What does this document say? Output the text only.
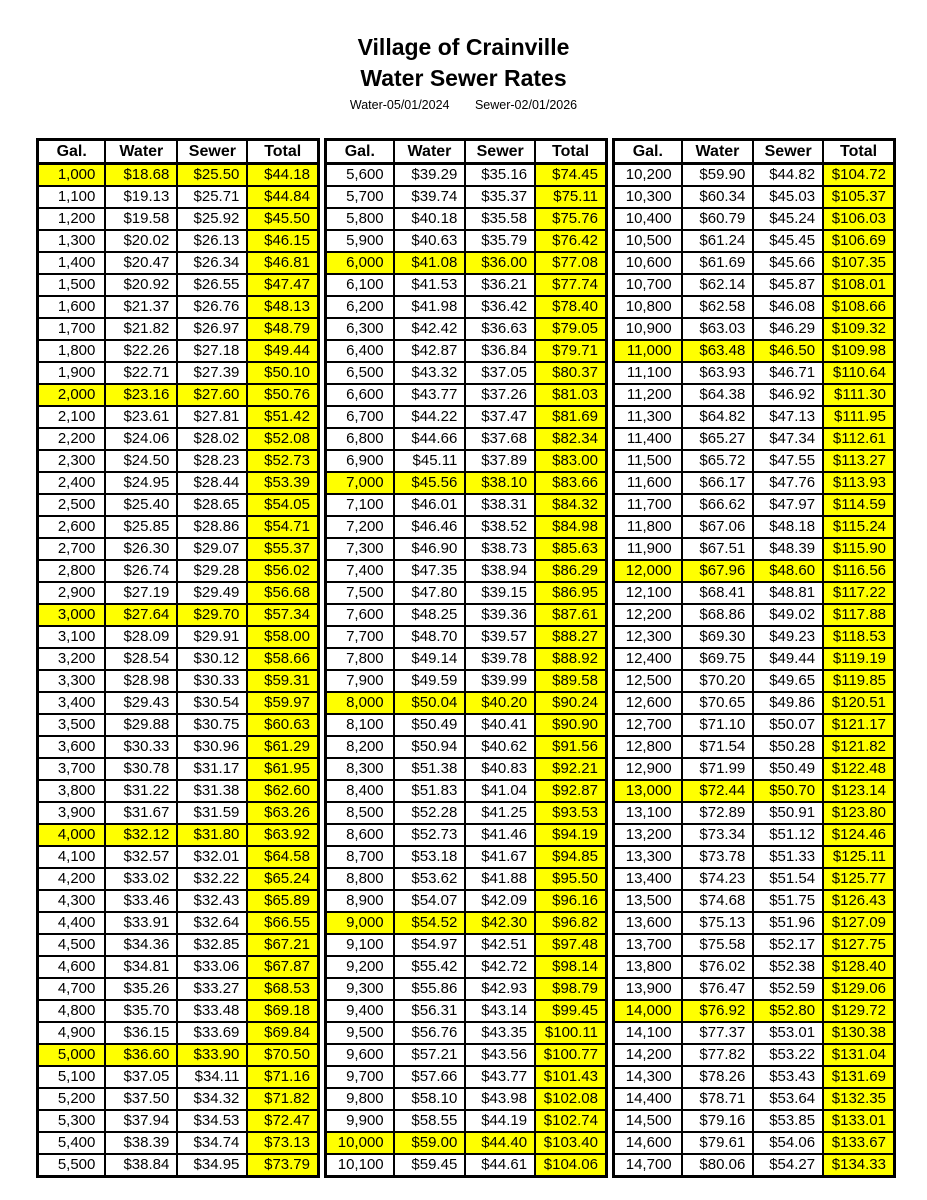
Village of Crainville
Water Sewer Rates
Water-05/01/2024 Sewer-02/01/2026
Gal.	Water	Sewer	Total
1,000	$18.68	$25.50	$44.18
1,100	$19.13	$25.71	$44.84
1,200	$19.58	$25.92	$45.50
1,300	$20.02	$26.13	$46.15
1,400	$20.47	$26.34	$46.81
1,500	$20.92	$26.55	$47.47
1,600	$21.37	$26.76	$48.13
1,700	$21.82	$26.97	$48.79
1,800	$22.26	$27.18	$49.44
1,900	$22.71	$27.39	$50.10
2,000	$23.16	$27.60	$50.76
2,100	$23.61	$27.81	$51.42
2,200	$24.06	$28.02	$52.08
2,300	$24.50	$28.23	$52.73
2,400	$24.95	$28.44	$53.39
2,500	$25.40	$28.65	$54.05
2,600	$25.85	$28.86	$54.71
2,700	$26.30	$29.07	$55.37
2,800	$26.74	$29.28	$56.02
2,900	$27.19	$29.49	$56.68
3,000	$27.64	$29.70	$57.34
3,100	$28.09	$29.91	$58.00
3,200	$28.54	$30.12	$58.66
3,300	$28.98	$30.33	$59.31
3,400	$29.43	$30.54	$59.97
3,500	$29.88	$30.75	$60.63
3,600	$30.33	$30.96	$61.29
3,700	$30.78	$31.17	$61.95
3,800	$31.22	$31.38	$62.60
3,900	$31.67	$31.59	$63.26
4,000	$32.12	$31.80	$63.92
4,100	$32.57	$32.01	$64.58
4,200	$33.02	$32.22	$65.24
4,300	$33.46	$32.43	$65.89
4,400	$33.91	$32.64	$66.55
4,500	$34.36	$32.85	$67.21
4,600	$34.81	$33.06	$67.87
4,700	$35.26	$33.27	$68.53
4,800	$35.70	$33.48	$69.18
4,900	$36.15	$33.69	$69.84
5,000	$36.60	$33.90	$70.50
5,100	$37.05	$34.11	$71.16
5,200	$37.50	$34.32	$71.82
5,300	$37.94	$34.53	$72.47
5,400	$38.39	$34.74	$73.13
5,500	$38.84	$34.95	$73.79
Gal.	Water	Sewer	Total
5,600	$39.29	$35.16	$74.45
5,700	$39.74	$35.37	$75.11
5,800	$40.18	$35.58	$75.76
5,900	$40.63	$35.79	$76.42
6,000	$41.08	$36.00	$77.08
6,100	$41.53	$36.21	$77.74
6,200	$41.98	$36.42	$78.40
6,300	$42.42	$36.63	$79.05
6,400	$42.87	$36.84	$79.71
6,500	$43.32	$37.05	$80.37
6,600	$43.77	$37.26	$81.03
6,700	$44.22	$37.47	$81.69
6,800	$44.66	$37.68	$82.34
6,900	$45.11	$37.89	$83.00
7,000	$45.56	$38.10	$83.66
7,100	$46.01	$38.31	$84.32
7,200	$46.46	$38.52	$84.98
7,300	$46.90	$38.73	$85.63
7,400	$47.35	$38.94	$86.29
7,500	$47.80	$39.15	$86.95
7,600	$48.25	$39.36	$87.61
7,700	$48.70	$39.57	$88.27
7,800	$49.14	$39.78	$88.92
7,900	$49.59	$39.99	$89.58
8,000	$50.04	$40.20	$90.24
8,100	$50.49	$40.41	$90.90
8,200	$50.94	$40.62	$91.56
8,300	$51.38	$40.83	$92.21
8,400	$51.83	$41.04	$92.87
8,500	$52.28	$41.25	$93.53
8,600	$52.73	$41.46	$94.19
8,700	$53.18	$41.67	$94.85
8,800	$53.62	$41.88	$95.50
8,900	$54.07	$42.09	$96.16
9,000	$54.52	$42.30	$96.82
9,100	$54.97	$42.51	$97.48
9,200	$55.42	$42.72	$98.14
9,300	$55.86	$42.93	$98.79
9,400	$56.31	$43.14	$99.45
9,500	$56.76	$43.35	$100.11
9,600	$57.21	$43.56	$100.77
9,700	$57.66	$43.77	$101.43
9,800	$58.10	$43.98	$102.08
9,900	$58.55	$44.19	$102.74
10,000	$59.00	$44.40	$103.40
10,100	$59.45	$44.61	$104.06
Gal.	Water	Sewer	Total
10,200	$59.90	$44.82	$104.72
10,300	$60.34	$45.03	$105.37
10,400	$60.79	$45.24	$106.03
10,500	$61.24	$45.45	$106.69
10,600	$61.69	$45.66	$107.35
10,700	$62.14	$45.87	$108.01
10,800	$62.58	$46.08	$108.66
10,900	$63.03	$46.29	$109.32
11,000	$63.48	$46.50	$109.98
11,100	$63.93	$46.71	$110.64
11,200	$64.38	$46.92	$111.30
11,300	$64.82	$47.13	$111.95
11,400	$65.27	$47.34	$112.61
11,500	$65.72	$47.55	$113.27
11,600	$66.17	$47.76	$113.93
11,700	$66.62	$47.97	$114.59
11,800	$67.06	$48.18	$115.24
11,900	$67.51	$48.39	$115.90
12,000	$67.96	$48.60	$116.56
12,100	$68.41	$48.81	$117.22
12,200	$68.86	$49.02	$117.88
12,300	$69.30	$49.23	$118.53
12,400	$69.75	$49.44	$119.19
12,500	$70.20	$49.65	$119.85
12,600	$70.65	$49.86	$120.51
12,700	$71.10	$50.07	$121.17
12,800	$71.54	$50.28	$121.82
12,900	$71.99	$50.49	$122.48
13,000	$72.44	$50.70	$123.14
13,100	$72.89	$50.91	$123.80
13,200	$73.34	$51.12	$124.46
13,300	$73.78	$51.33	$125.11
13,400	$74.23	$51.54	$125.77
13,500	$74.68	$51.75	$126.43
13,600	$75.13	$51.96	$127.09
13,700	$75.58	$52.17	$127.75
13,800	$76.02	$52.38	$128.40
13,900	$76.47	$52.59	$129.06
14,000	$76.92	$52.80	$129.72
14,100	$77.37	$53.01	$130.38
14,200	$77.82	$53.22	$131.04
14,300	$78.26	$53.43	$131.69
14,400	$78.71	$53.64	$132.35
14,500	$79.16	$53.85	$133.01
14,600	$79.61	$54.06	$133.67
14,700	$80.06	$54.27	$134.33
